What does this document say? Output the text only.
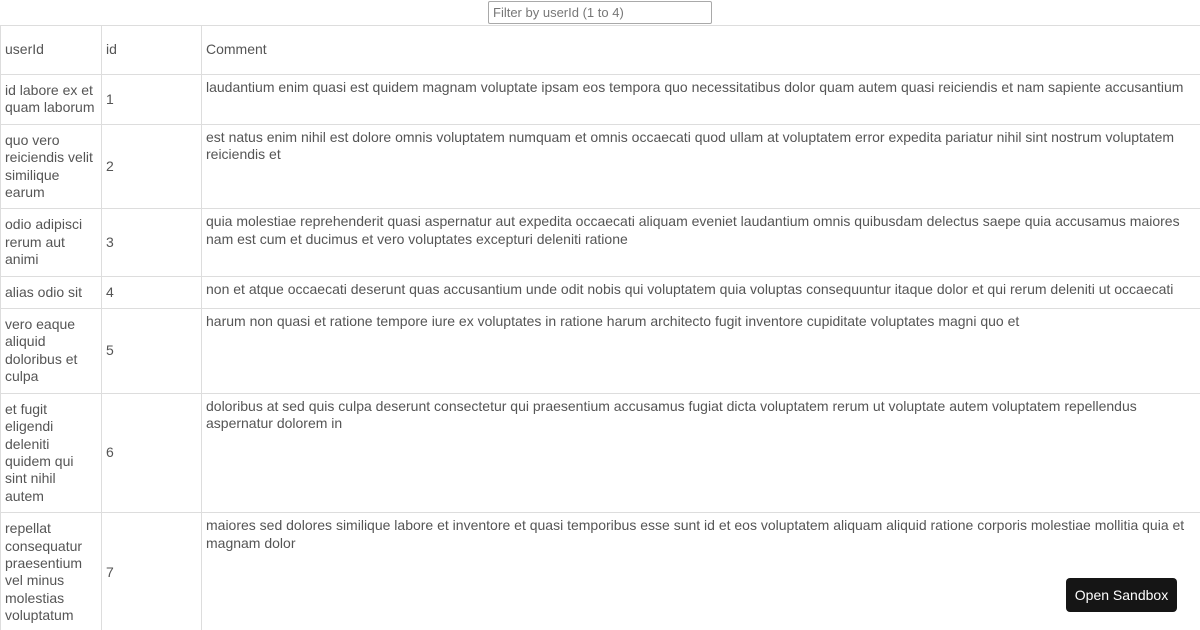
Filter by userId (1 to 4)
userId	id	Comment
id labore ex et quam laborum	1	laudantium enim quasi est quidem magnam voluptate ipsam eos tempora quo necessitatibus dolor quam autem quasi reiciendis et nam sapiente accusantium
quo vero reiciendis velit similique earum	2	est natus enim nihil est dolore omnis voluptatem numquam et omnis occaecati quod ullam at voluptatem error expedita pariatur nihil sint nostrum voluptatem reiciendis et
odio adipisci rerum aut animi	3	quia molestiae reprehenderit quasi aspernatur aut expedita occaecati aliquam eveniet laudantium omnis quibusdam delectus saepe quia accusamus maiores nam est cum et ducimus et vero voluptates excepturi deleniti ratione
alias odio sit	4	non et atque occaecati deserunt quas accusantium unde odit nobis qui voluptatem quia voluptas consequuntur itaque dolor et qui rerum deleniti ut occaecati
vero eaque aliquid doloribus et culpa	5	harum non quasi et ratione tempore iure ex voluptates in ratione harum architecto fugit inventore cupiditate voluptates magni quo et
et fugit eligendi deleniti quidem qui sint nihil autem	6	doloribus at sed quis culpa deserunt consectetur qui praesentium accusamus fugiat dicta voluptatem rerum ut voluptate autem voluptatem repellendus aspernatur dolorem in
repellat consequatur praesentium vel minus molestias voluptatum	7	maiores sed dolores similique labore et inventore et quasi temporibus esse sunt id et eos voluptatem aliquam aliquid ratione corporis molestiae mollitia quia et magnam dolor
Open Sandbox
